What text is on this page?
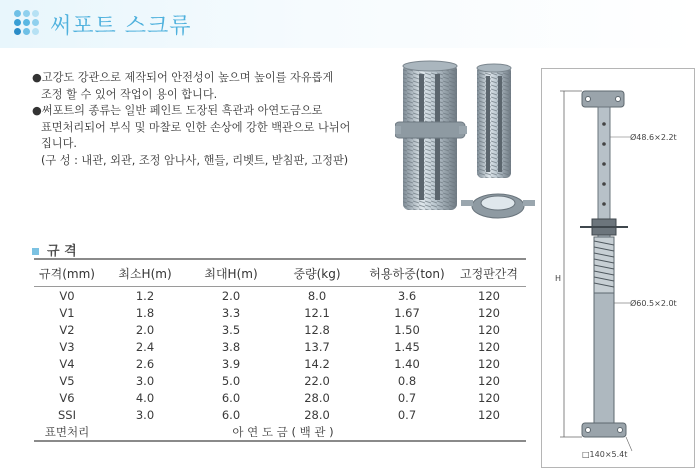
써포트 스크류

●고강도 강관으로 제작되어 안전성이 높으며 높이를 자유롭게

조정 할 수 있어 작업이 용이 합니다.

●써포트의 종류는 일반 페인트 도장된 흑관과 아연도금으로

표면처리되어 부식 및 마찰로 인한 손상에 강한 백관으로 나뉘어

집니다.

(구 성 : 내관, 외관, 조정 암나사, 핸들, 리벳트, 받침판, 고정판)

규 격
규격(mm)	최소H(m)	최대H(m)	중량(kg)	허용하중(ton)	고정판간격
V0	1.2	2.0	8.0	3.6	120
V1	1.8	3.3	12.1	1.67	120
V2	2.0	3.5	12.8	1.50	120
V3	2.4	3.8	13.7	1.45	120
V4	2.6	3.9	14.2	1.40	120
V5	3.0	5.0	22.0	0.8	120
V6	4.0	6.0	28.0	0.7	120
SSI	3.0	6.0	28.0	0.7	120
표면처리	아 연 도 금 ( 백 관 )				
H
Ø48.6×2.2t
Ø60.5×2.0t
□140×5.4t
